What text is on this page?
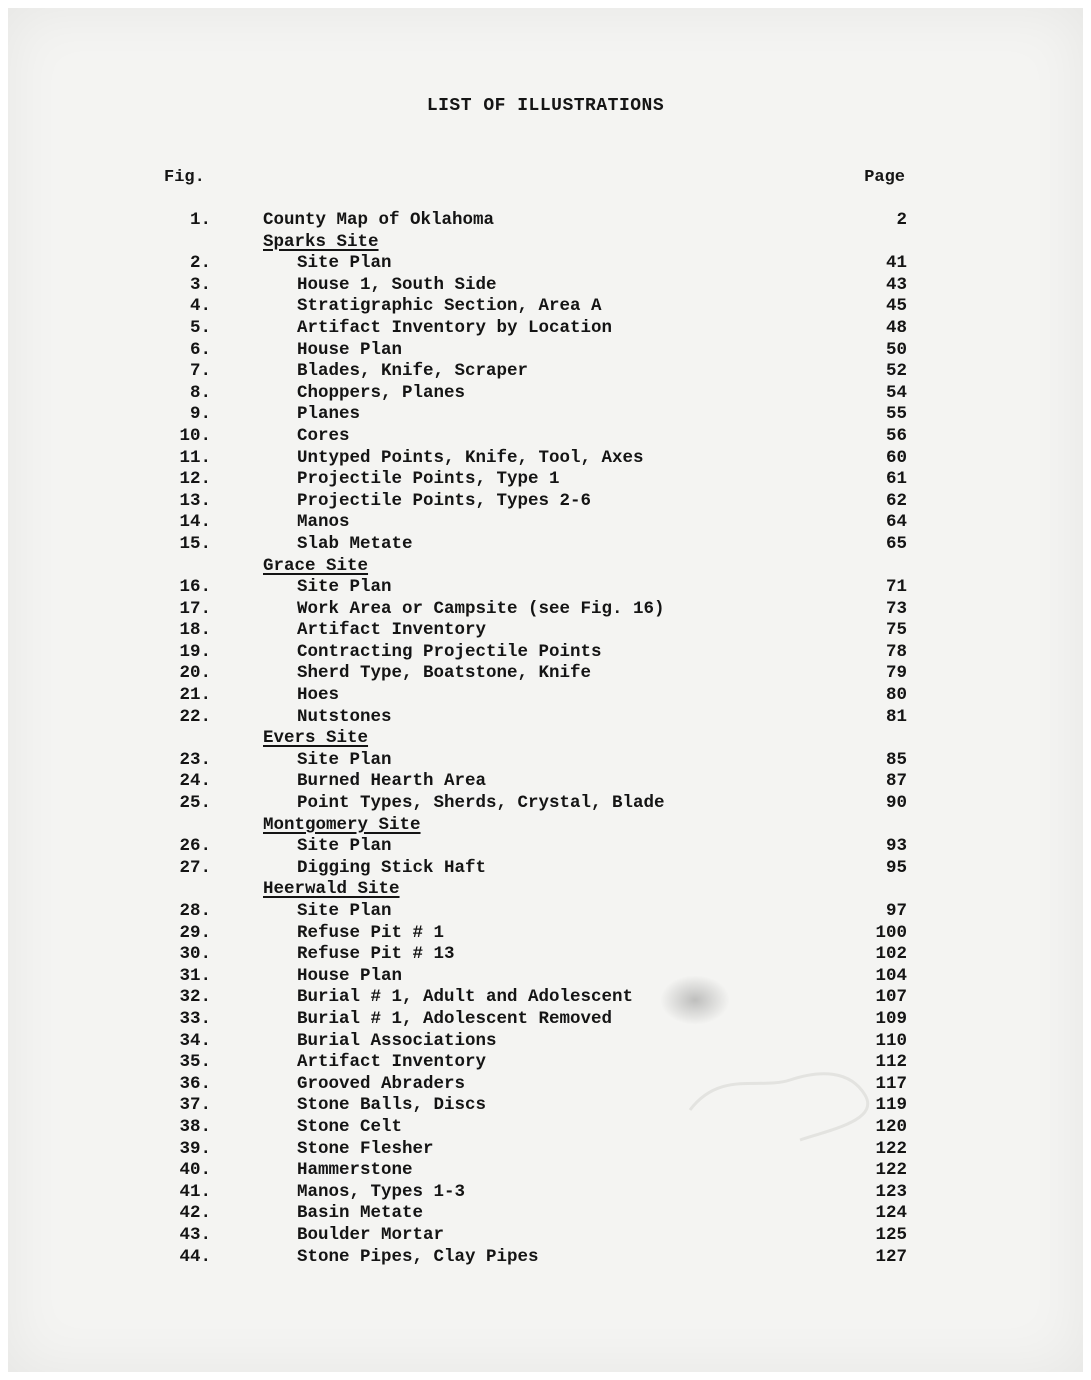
LIST OF ILLUSTRATIONS
Fig.	Page
1.	County Map of Oklahoma	2
Sparks Site
2.	Site Plan	41
3.	House 1, South Side	43
4.	Stratigraphic Section, Area A	45
5.	Artifact Inventory by Location	48
6.	House Plan	50
7.	Blades, Knife, Scraper	52
8.	Choppers, Planes	54
9.	Planes	55
10.	Cores	56
11.	Untyped Points, Knife, Tool, Axes	60
12.	Projectile Points, Type 1	61
13.	Projectile Points, Types 2-6	62
14.	Manos	64
15.	Slab Metate	65
Grace Site
16.	Site Plan	71
17.	Work Area or Campsite (see Fig. 16)	73
18.	Artifact Inventory	75
19.	Contracting Projectile Points	78
20.	Sherd Type, Boatstone, Knife	79
21.	Hoes	80
22.	Nutstones	81
Evers Site
23.	Site Plan	85
24.	Burned Hearth Area	87
25.	Point Types, Sherds, Crystal, Blade	90
Montgomery Site
26.	Site Plan	93
27.	Digging Stick Haft	95
Heerwald Site
28.	Site Plan	97
29.	Refuse Pit # 1	100
30.	Refuse Pit # 13	102
31.	House Plan	104
32.	Burial # 1, Adult and Adolescent	107
33.	Burial # 1, Adolescent Removed	109
34.	Burial Associations	110
35.	Artifact Inventory	112
36.	Grooved Abraders	117
37.	Stone Balls, Discs	119
38.	Stone Celt	120
39.	Stone Flesher	122
40.	Hammerstone	122
41.	Manos, Types 1-3	123
42.	Basin Metate	124
43.	Boulder Mortar	125
44.	Stone Pipes, Clay Pipes	127
